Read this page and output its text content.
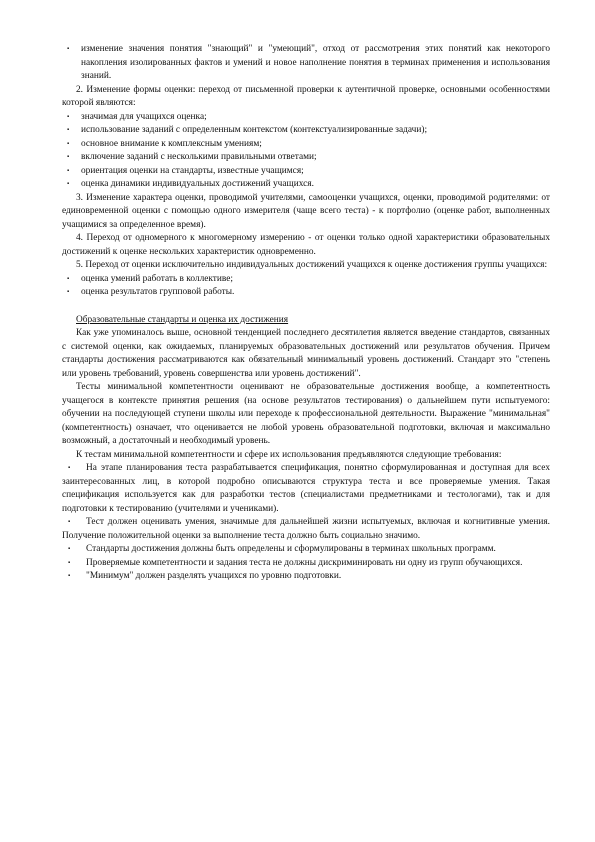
▪ изменение значения понятия "знающий" и "умеющий", отход от рассмотрения этих понятий как некоторого накопления изолированных фактов и умений и новое наполнение понятия в терминах применения и использования знаний.
2. Изменение формы оценки: переход от письменной проверки к аутентичной проверке, основными особенностями которой являются:
▪ значимая для учащихся оценка;
▪ использование заданий с определенным контекстом (контекстуализированные задачи);
▪ основное внимание к комплексным умениям;
▪ включение заданий с несколькими правильными ответами;
▪ ориентация оценки на стандарты, известные учащимся;
▪ оценка динамики индивидуальных достижений учащихся.
3. Изменение характера оценки, проводимой учителями, самооценки учащихся, оценки, проводимой родителями: от единовременной оценки с помощью одного измерителя (чаще всего теста) - к портфолио (оценке работ, выполненных учащимися за определенное время).
4. Переход от одномерного к многомерному измерению - от оценки только одной характеристики образовательных достижений к оценке нескольких характеристик одновременно.
5. Переход от оценки исключительно индивидуальных достижений учащихся к оценке достижения группы учащихся:
▪ оценка умений работать в коллективе;
▪ оценка результатов групповой работы.
Образовательные стандарты и оценка их достижения
Как уже упоминалось выше, основной тенденцией последнего десятилетия является введение стандартов, связанных с системой оценки, как ожидаемых, планируемых образовательных достижений или результатов обучения. Причем стандарты достижения рассматриваются как обязательный минимальный уровень достижений. Стандарт это "степень или уровень требований, уровень совершенства или уровень достижений".
Тесты минимальной компетентности оценивают не образовательные достижения вообще, а компетентность учащегося в контексте принятия решения (на основе результатов тестирования) о дальнейшем пути испытуемого: обучении на последующей ступени школы или переходе к профессиональной деятельности. Выражение "минимальная" (компетентность) означает, что оценивается не любой уровень образовательной подготовки, включая и максимально возможный, а достаточный и необходимый уровень.
К тестам минимальной компетентности и сфере их использования предъявляются следующие требования:
▪ На этапе планирования теста разрабатывается спецификация, понятно сформулированная и доступная для всех заинтересованных лиц, в которой подробно описываются структура теста и все проверяемые умения. Такая спецификация используется как для разработки тестов (специалистами предметниками и тестологами), так и для подготовки к тестированию (учителями и учениками).
▪ Тест должен оценивать умения, значимые для дальнейшей жизни испытуемых, включая и когнитивные умения. Получение положительной оценки за выполнение теста должно быть социально значимо.
▪ Стандарты достижения должны быть определены и сформулированы в терминах школьных программ.
▪ Проверяемые компетентности и задания теста не должны дискриминировать ни одну из групп обучающихся.
▪ "Минимум" должен разделять учащихся по уровню подготовки.
